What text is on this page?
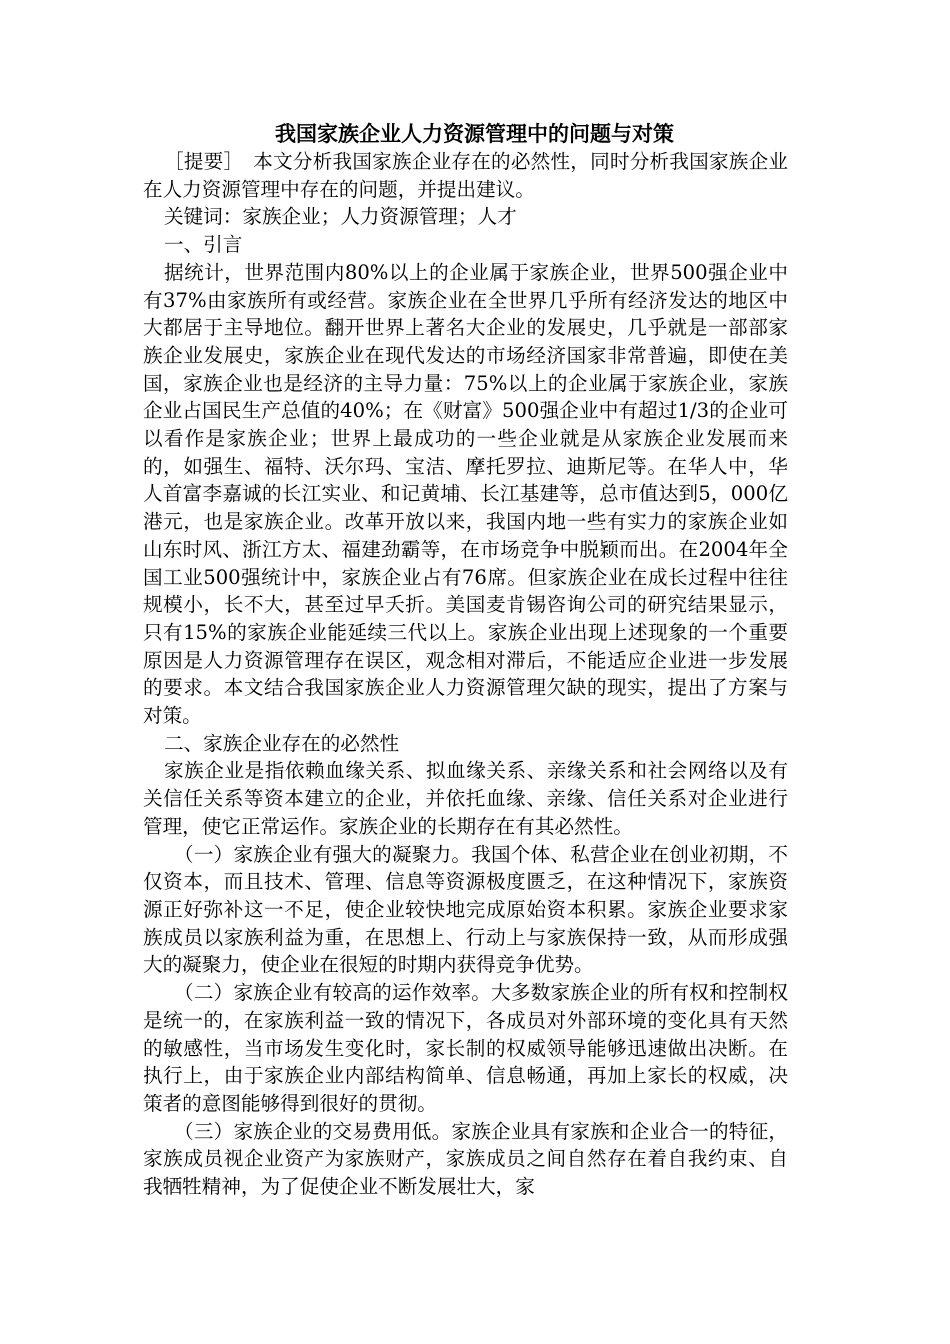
我国家族企业人力资源管理中的问题与对策

［提要］　本文分析我国家族企业存在的必然性，同时分析我国家族企业在人力资源管理中存在的问题，并提出建议。

关键词：家族企业；人力资源管理；人才

一、引言

据统计，世界范围内80%以上的企业属于家族企业，世界500强企业中有37%由家族所有或经营。家族企业在全世界几乎所有经济发达的地区中大都居于主导地位。翻开世界上著名大企业的发展史，几乎就是一部部家族企业发展史，家族企业在现代发达的市场经济国家非常普遍，即使在美国，家族企业也是经济的主导力量：75%以上的企业属于家族企业，家族企业占国民生产总值的40%；在《财富》500强企业中有超过1/3的企业可以看作是家族企业；世界上最成功的一些企业就是从家族企业发展而来的，如强生、福特、沃尔玛、宝洁、摩托罗拉、迪斯尼等。在华人中，华人首富李嘉诚的长江实业、和记黄埔、长江基建等，总市值达到5，000亿港元，也是家族企业。改革开放以来，我国内地一些有实力的家族企业如山东时风、浙江方太、福建劲霸等，在市场竞争中脱颖而出。在2004年全国工业500强统计中，家族企业占有76席。但家族企业在成长过程中往往规模小，长不大，甚至过早夭折。美国麦肯锡咨询公司的研究结果显示，只有15%的家族企业能延续三代以上。家族企业出现上述现象的一个重要原因是人力资源管理存在误区，观念相对滞后，不能适应企业进一步发展的要求。本文结合我国家族企业人力资源管理欠缺的现实，提出了方案与对策。

二、家族企业存在的必然性

家族企业是指依赖血缘关系、拟血缘关系、亲缘关系和社会网络以及有关信任关系等资本建立的企业，并依托血缘、亲缘、信任关系对企业进行管理，使它正常运作。家族企业的长期存在有其必然性。

（一）家族企业有强大的凝聚力。我国个体、私营企业在创业初期，不仅资本，而且技术、管理、信息等资源极度匮乏，在这种情况下，家族资源正好弥补这一不足，使企业较快地完成原始资本积累。家族企业要求家族成员以家族利益为重，在思想上、行动上与家族保持一致，从而形成强大的凝聚力，使企业在很短的时期内获得竞争优势。

（二）家族企业有较高的运作效率。大多数家族企业的所有权和控制权是统一的，在家族利益一致的情况下，各成员对外部环境的变化具有天然的敏感性，当市场发生变化时，家长制的权威领导能够迅速做出决断。在执行上，由于家族企业内部结构简单、信息畅通，再加上家长的权威，决策者的意图能够得到很好的贯彻。

（三）家族企业的交易费用低。家族企业具有家族和企业合一的特征，家族成员视企业资产为家族财产，家族成员之间自然存在着自我约束、自我牺牲精神，为了促使企业不断发展壮大，家
